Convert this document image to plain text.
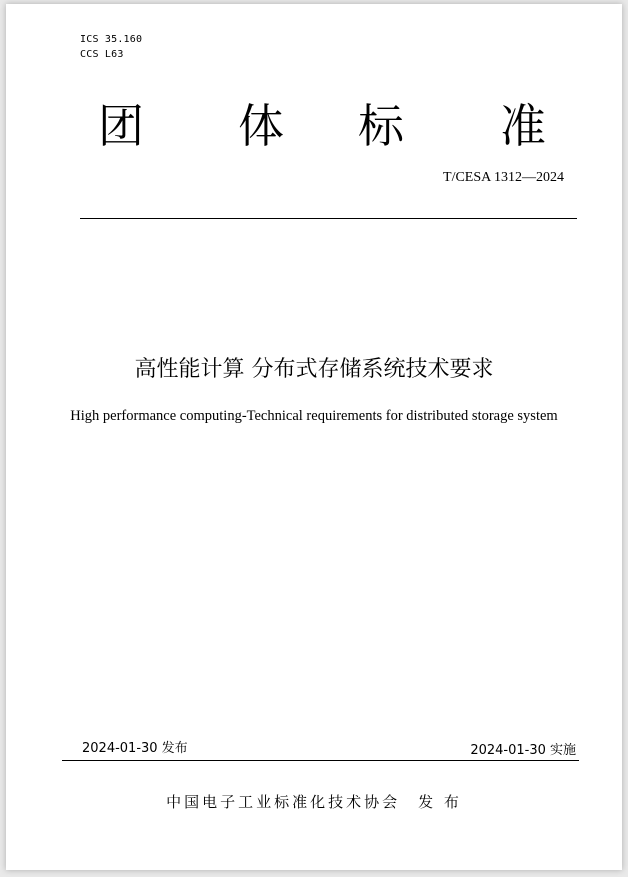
ICS 35.160
CCS L63
团 体 标 准
T/CESA 1312—2024
高性能计算 分布式存储系统技术要求
High performance computing-Technical requirements for distributed storage system
2024-01-30 发布	2024-01-30 实施
中国电子工业标准化技术协会 发 布
